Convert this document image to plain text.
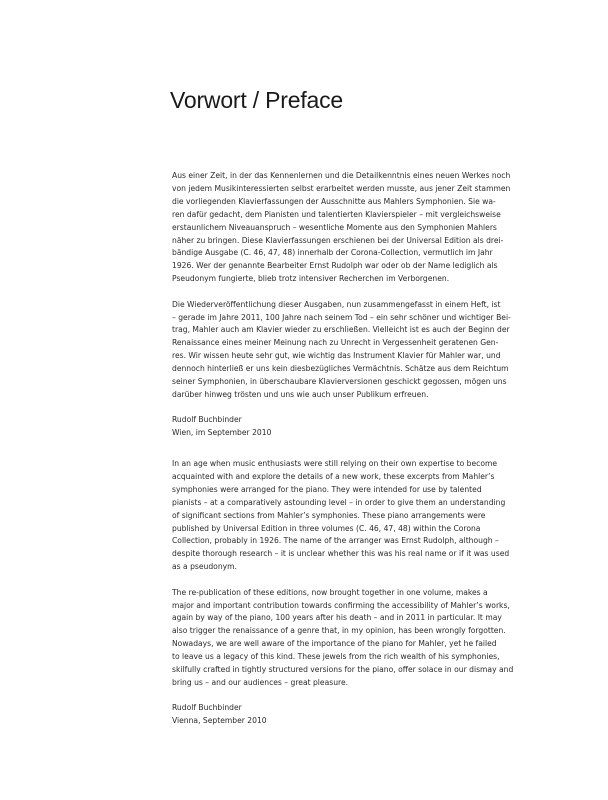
Vorwort / Preface
Aus einer Zeit, in der das Kennenlernen und die Detailkenntnis eines neuen Werkes noch
von jedem Musikinteressierten selbst erarbeitet werden musste, aus jener Zeit stammen
die vorliegenden Klavierfassungen der Ausschnitte aus Mahlers Symphonien. Sie wa-
ren dafür gedacht, dem Pianisten und talentierten Klavierspieler – mit vergleichsweise
erstaunlichem Niveauanspruch – wesentliche Momente aus den Symphonien Mahlers
näher zu bringen. Diese Klavierfassungen erschienen bei der Universal Edition als drei-
bändige Ausgabe (C. 46, 47, 48) innerhalb der Corona-Collection, vermutlich im Jahr
1926. Wer der genannte Bearbeiter Ernst Rudolph war oder ob der Name lediglich als
Pseudonym fungierte, blieb trotz intensiver Recherchen im Verborgenen.
Die Wiederveröffentlichung dieser Ausgaben, nun zusammengefasst in einem Heft, ist
– gerade im Jahre 2011, 100 Jahre nach seinem Tod – ein sehr schöner und wichtiger Bei-
trag, Mahler auch am Klavier wieder zu erschließen. Vielleicht ist es auch der Beginn der
Renaissance eines meiner Meinung nach zu Unrecht in Vergessenheit geratenen Gen-
res. Wir wissen heute sehr gut, wie wichtig das Instrument Klavier für Mahler war, und
dennoch hinterließ er uns kein diesbezügliches Vermächtnis. Schätze aus dem Reichtum
seiner Symphonien, in überschaubare Klavierversionen geschickt gegossen, mögen uns
darüber hinweg trösten und uns wie auch unser Publikum erfreuen.
Rudolf Buchbinder
Wien, im September 2010
In an age when music enthusiasts were still relying on their own expertise to become
acquainted with and explore the details of a new work, these excerpts from Mahler’s
symphonies were arranged for the piano. They were intended for use by talented
pianists – at a comparatively astounding level – in order to give them an understanding
of significant sections from Mahler’s symphonies. These piano arrangements were
published by Universal Edition in three volumes (C. 46, 47, 48) within the Corona
Collection, probably in 1926. The name of the arranger was Ernst Rudolph, although –
despite thorough research – it is unclear whether this was his real name or if it was used
as a pseudonym.
The re-publication of these editions, now brought together in one volume, makes a
major and important contribution towards confirming the accessibility of Mahler’s works,
again by way of the piano, 100 years after his death – and in 2011 in particular. It may
also trigger the renaissance of a genre that, in my opinion, has been wrongly forgotten.
Nowadays, we are well aware of the importance of the piano for Mahler, yet he failed
to leave us a legacy of this kind. These jewels from the rich wealth of his symphonies,
skilfully crafted in tightly structured versions for the piano, offer solace in our dismay and
bring us – and our audiences – great pleasure.
Rudolf Buchbinder
Vienna, September 2010
